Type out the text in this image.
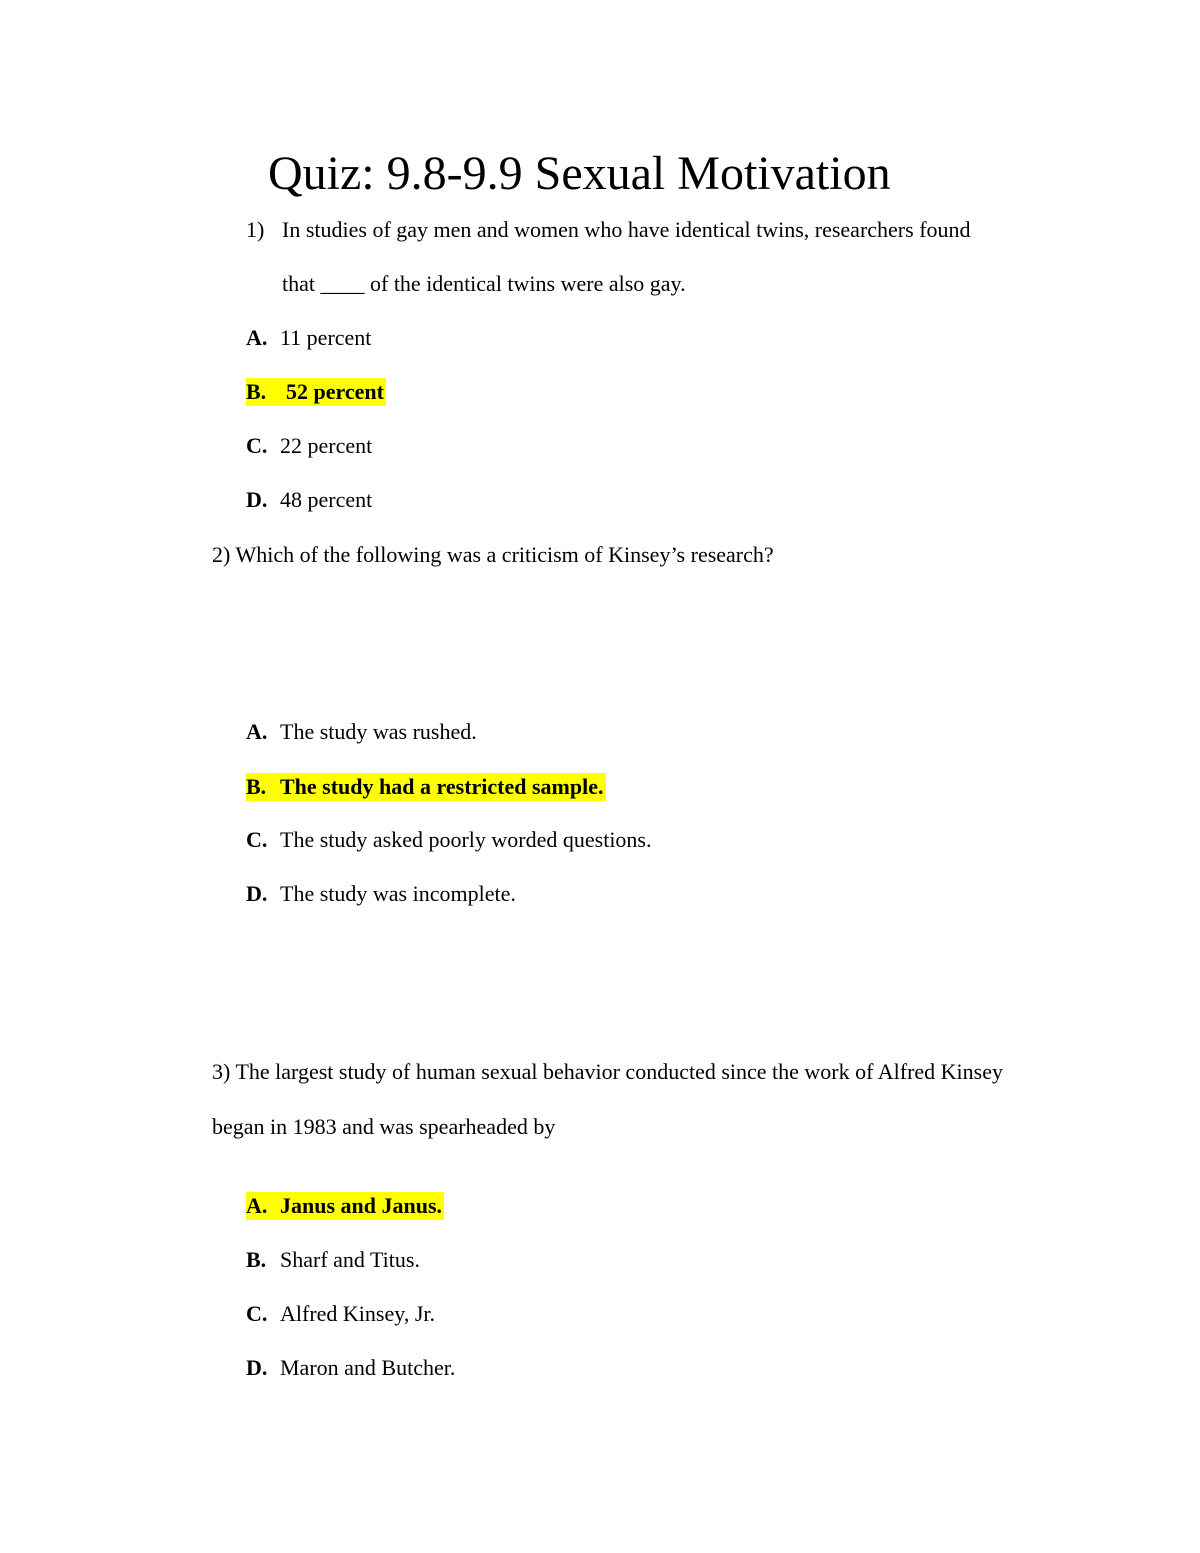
Quiz: 9.8-9.9 Sexual Motivation
1) In studies of gay men and women who have identical twins, researchers found
that ____ of the identical twins were also gay.
A. 11 percent
B. 52 percent
C. 22 percent
D. 48 percent
2) Which of the following was a criticism of Kinsey’s research?
A. The study was rushed.
B. The study had a restricted sample.
C. The study asked poorly worded questions.
D. The study was incomplete.
3) The largest study of human sexual behavior conducted since the work of Alfred Kinsey
began in 1983 and was spearheaded by
A. Janus and Janus.
B. Sharf and Titus.
C. Alfred Kinsey, Jr.
D. Maron and Butcher.
